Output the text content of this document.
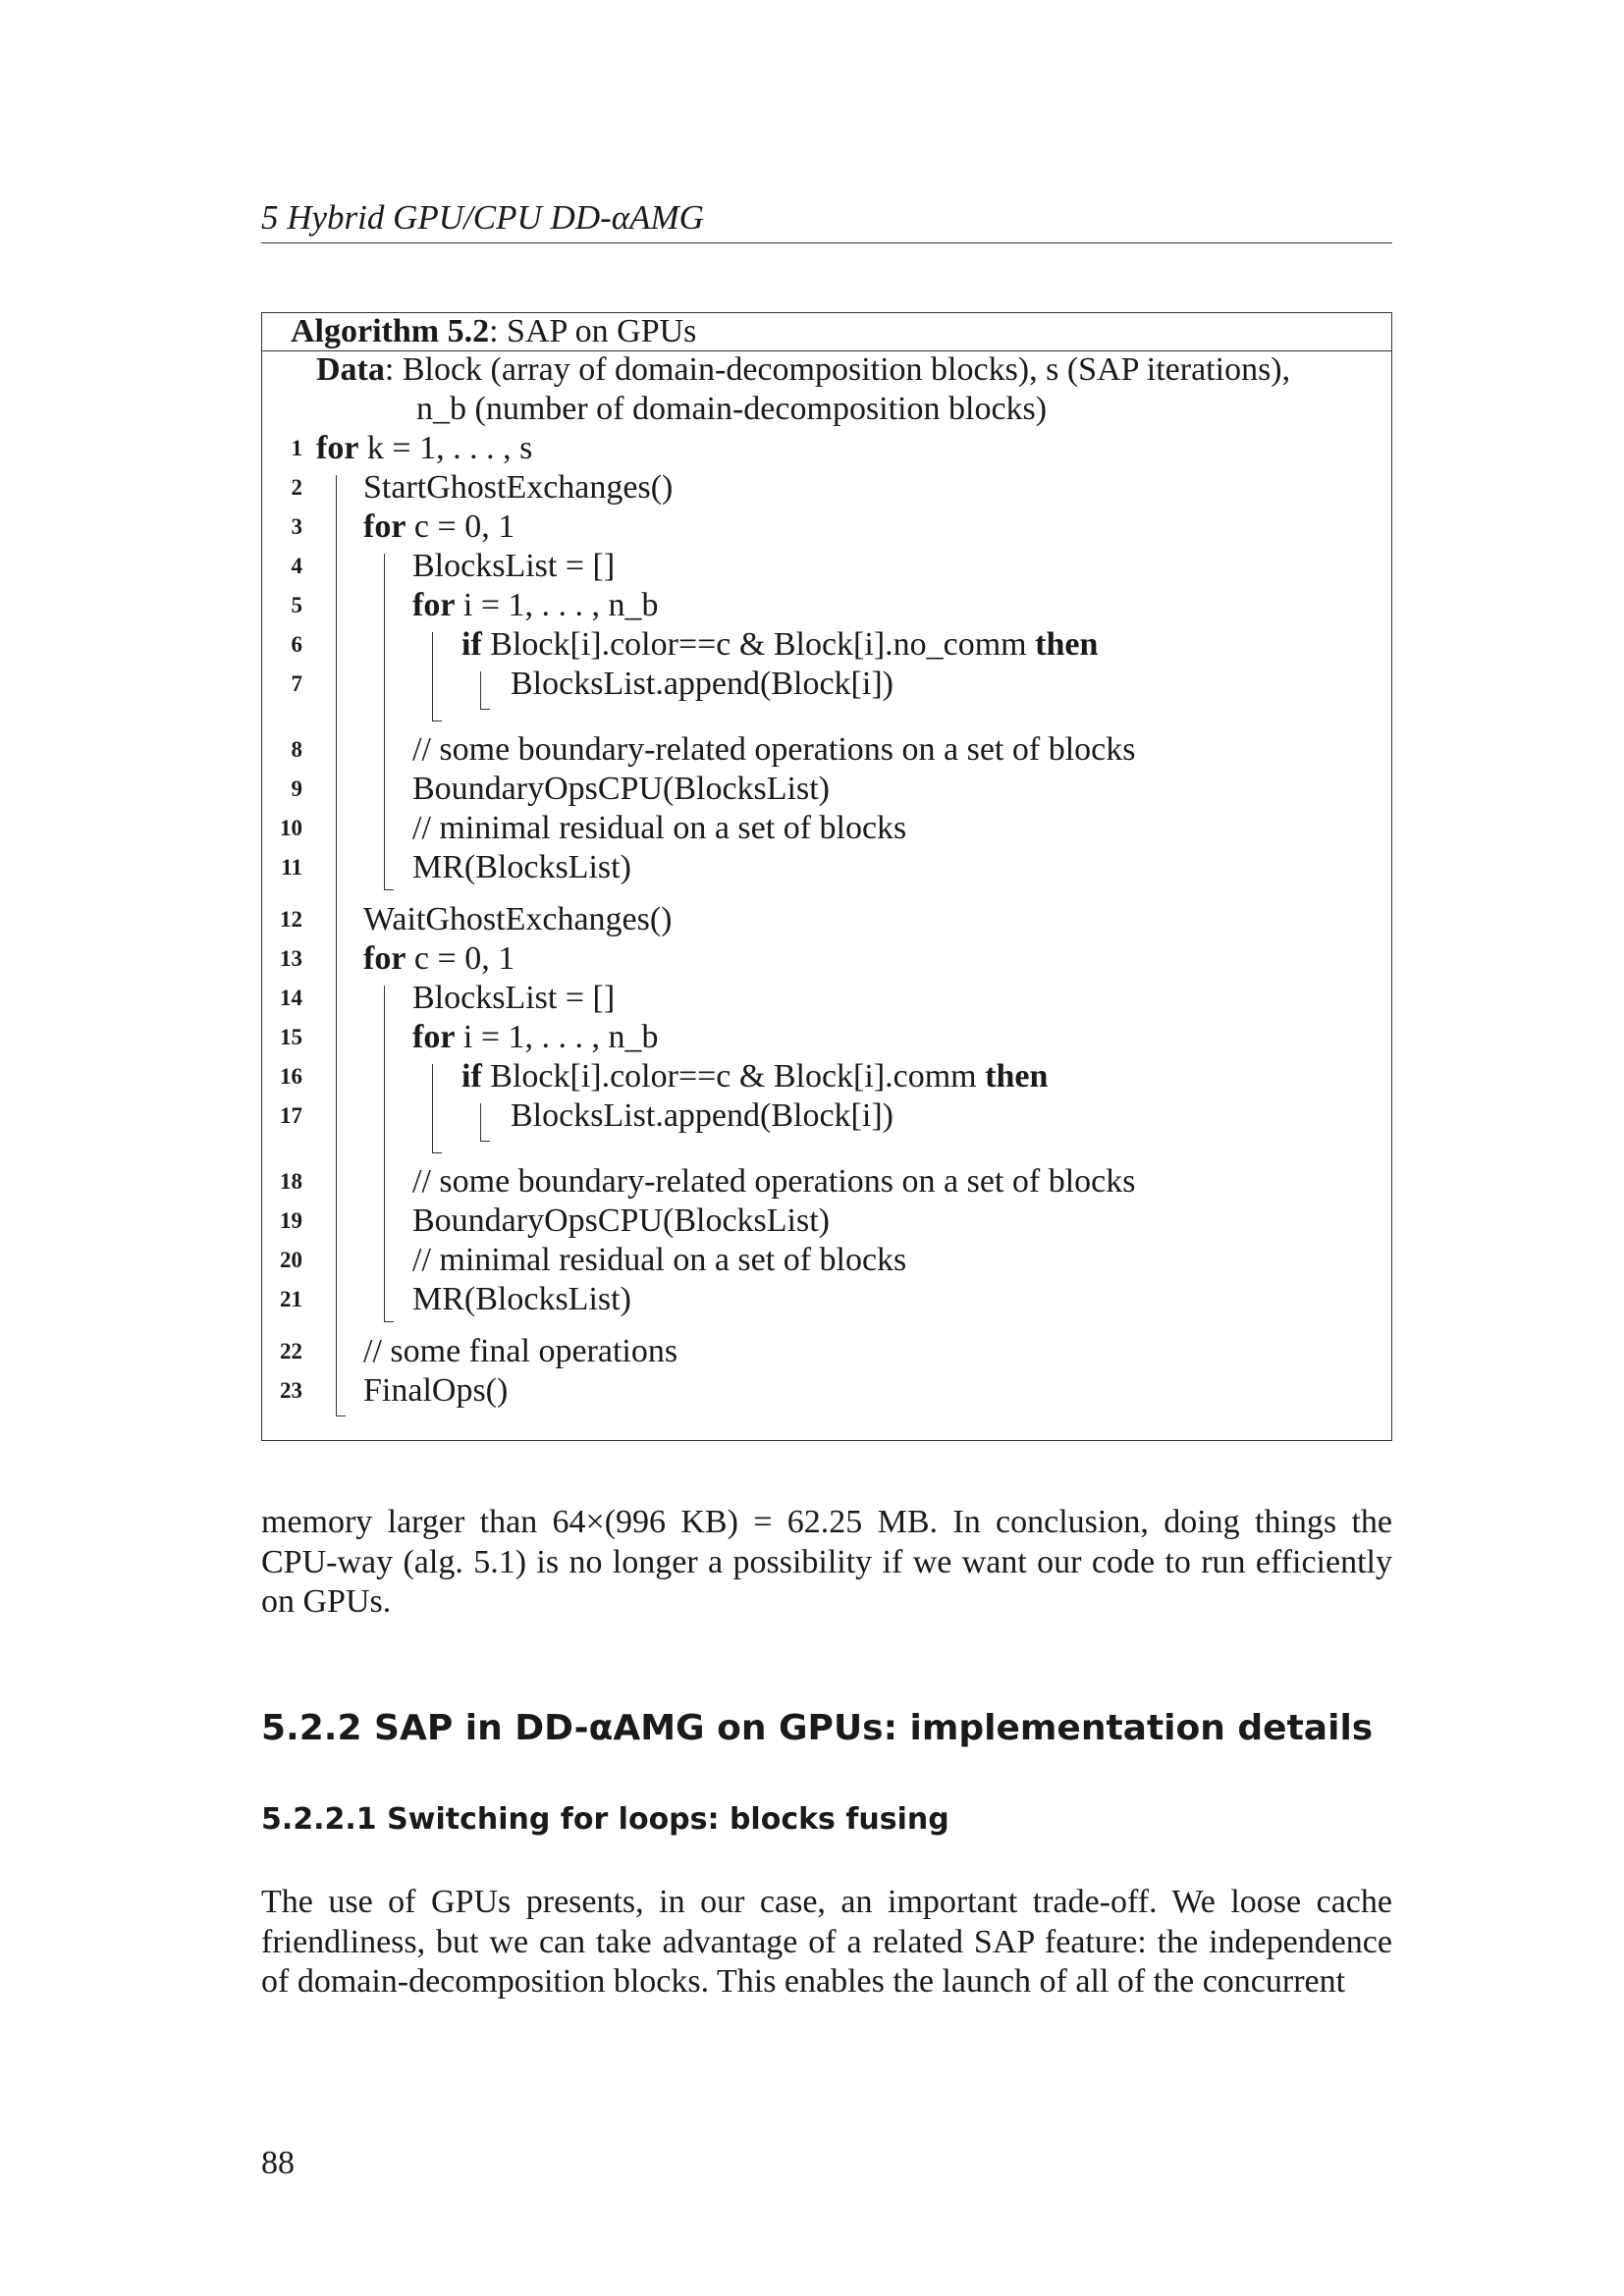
5 Hybrid GPU/CPU DD-αAMG
Algorithm 5.2: SAP on GPUs
Data: Block (array of domain-decomposition blocks), s (SAP iterations),
n_b (number of domain-decomposition blocks)
1 for k = 1, . . . , s
2 StartGhostExchanges()
3 for c = 0, 1
4	BlocksList = []
5	for i = 1, . . . , n_b
6	if Block[i].color==c & Block[i].no_comm then
7	BlocksList.append(Block[i])
8	// some boundary-related operations on a set of blocks
9	BoundaryOpsCPU(BlocksList)
10	// minimal residual on a set of blocks
11	MR(BlocksList)
12 WaitGhostExchanges()
13 for c = 0, 1
14	BlocksList = []
15	for i = 1, . . . , n_b
16	if Block[i].color==c & Block[i].comm then
17	BlocksList.append(Block[i])
18	// some boundary-related operations on a set of blocks
19	BoundaryOpsCPU(BlocksList)
20	// minimal residual on a set of blocks
21	MR(BlocksList)
22 // some final operations
23 FinalOps()
memory larger than 64×(996 KB) = 62.25 MB. In conclusion, doing things the CPU-way (alg. 5.1) is no longer a possibility if we want our code to run efficiently on GPUs.
5.2.2 SAP in DD-αAMG on GPUs: implementation details
5.2.2.1 Switching for loops: blocks fusing
The use of GPUs presents, in our case, an important trade-off. We loose cache friendliness, but we can take advantage of a related SAP feature: the independence of domain-decomposition blocks. This enables the launch of all of the concurrent
88
